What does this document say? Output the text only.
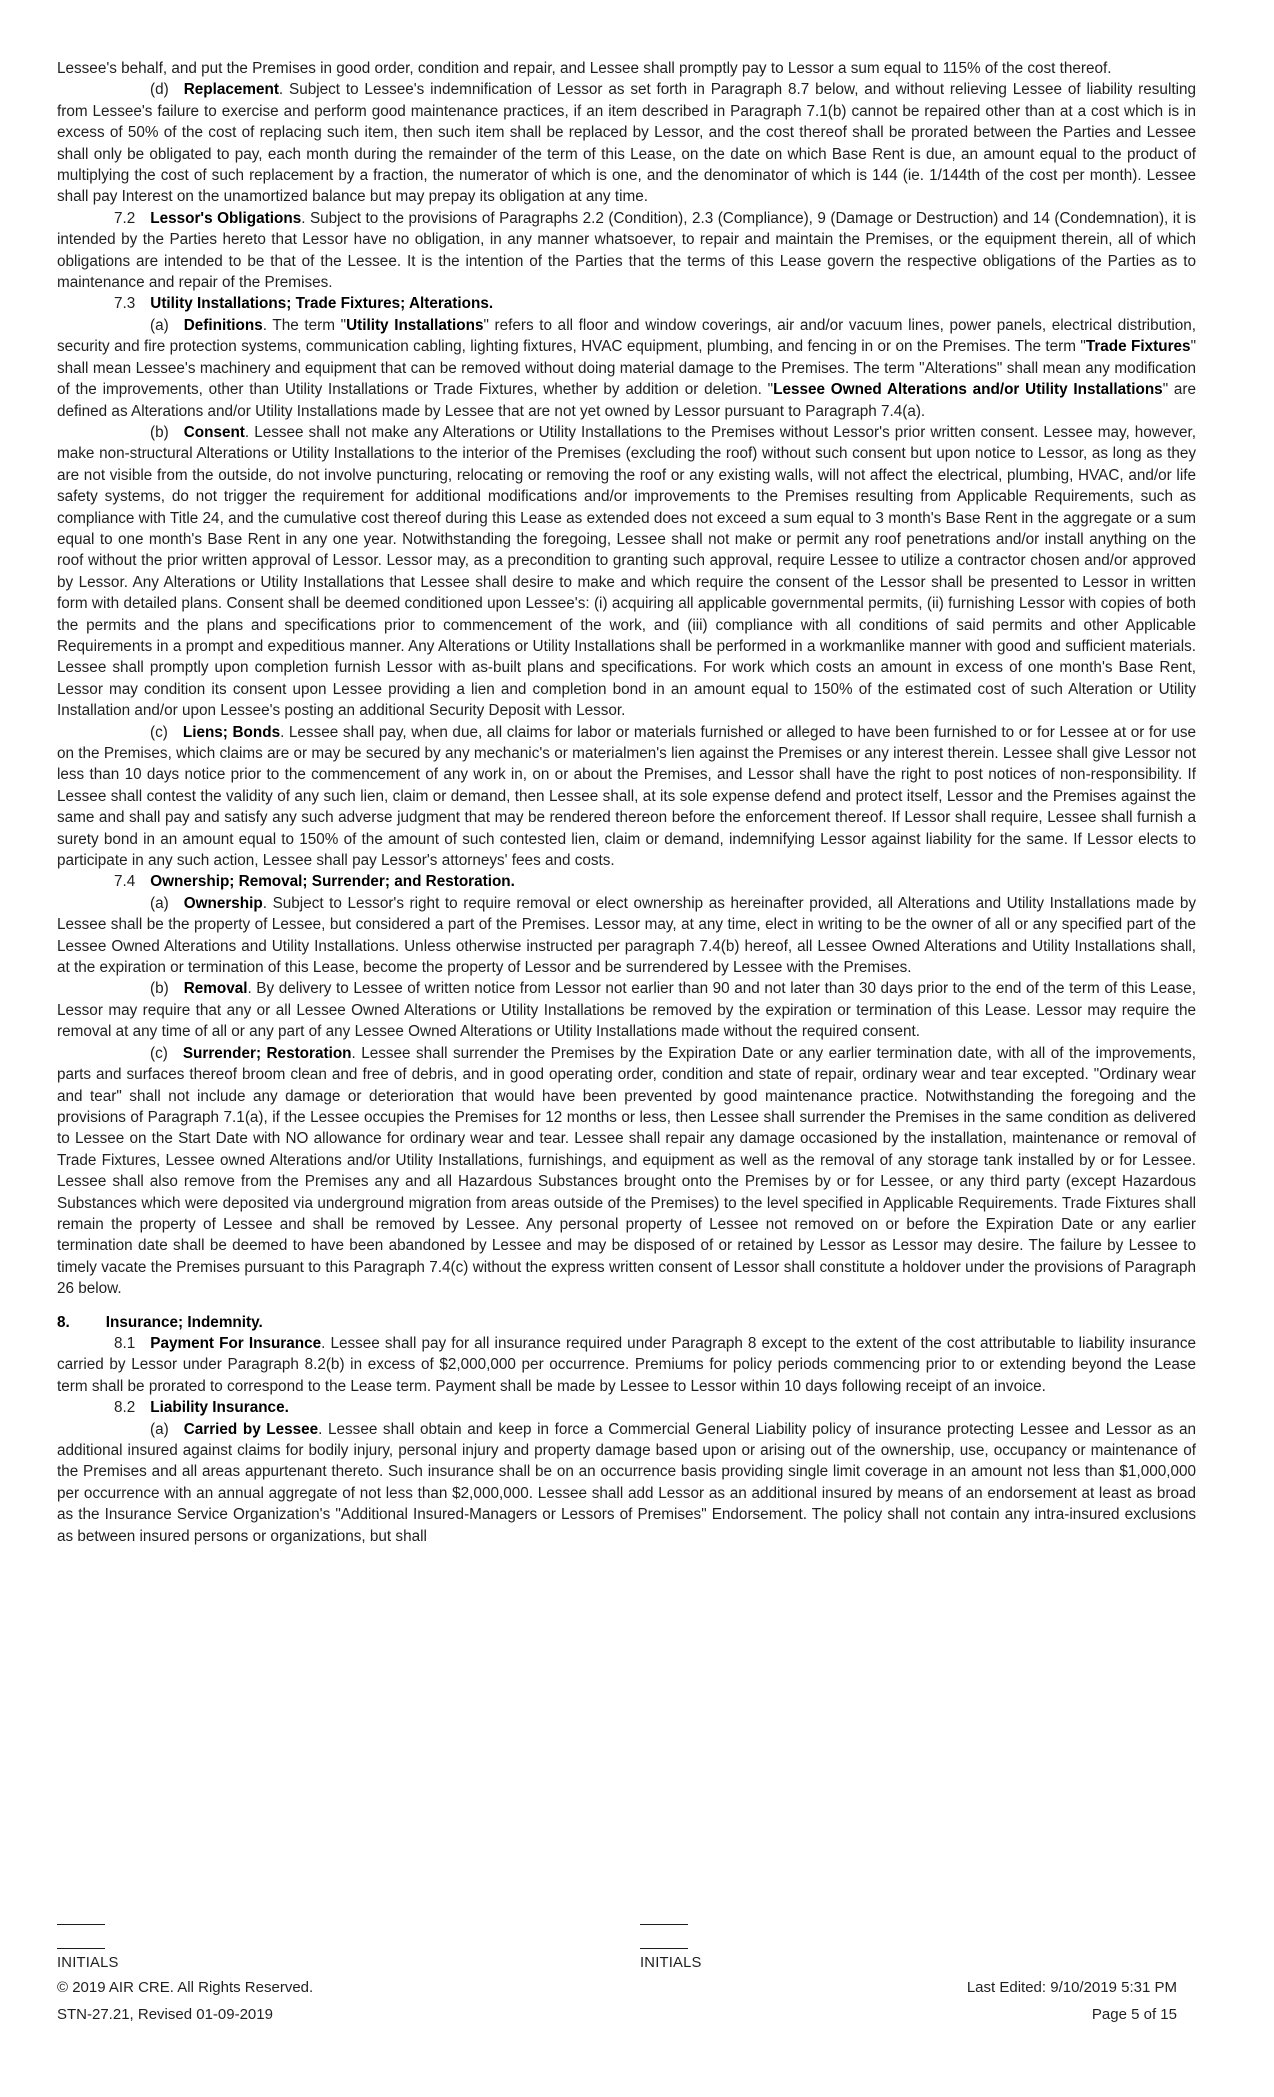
Lessee's behalf, and put the Premises in good order, condition and repair, and Lessee shall promptly pay to Lessor a sum equal to 115% of the cost thereof.

(d) Replacement. Subject to Lessee's indemnification of Lessor as set forth in Paragraph 8.7 below, and without relieving Lessee of liability resulting from Lessee's failure to exercise and perform good maintenance practices, if an item described in Paragraph 7.1(b) cannot be repaired other than at a cost which is in excess of 50% of the cost of replacing such item, then such item shall be replaced by Lessor, and the cost thereof shall be prorated between the Parties and Lessee shall only be obligated to pay, each month during the remainder of the term of this Lease, on the date on which Base Rent is due, an amount equal to the product of multiplying the cost of such replacement by a fraction, the numerator of which is one, and the denominator of which is 144 (ie. 1/144th of the cost per month). Lessee shall pay Interest on the unamortized balance but may prepay its obligation at any time.

7.2 Lessor's Obligations. Subject to the provisions of Paragraphs 2.2 (Condition), 2.3 (Compliance), 9 (Damage or Destruction) and 14 (Condemnation), it is intended by the Parties hereto that Lessor have no obligation, in any manner whatsoever, to repair and maintain the Premises, or the equipment therein, all of which obligations are intended to be that of the Lessee. It is the intention of the Parties that the terms of this Lease govern the respective obligations of the Parties as to maintenance and repair of the Premises.

7.3 Utility Installations; Trade Fixtures; Alterations.

(a) Definitions. The term "Utility Installations" refers to all floor and window coverings, air and/or vacuum lines, power panels, electrical distribution, security and fire protection systems, communication cabling, lighting fixtures, HVAC equipment, plumbing, and fencing in or on the Premises. The term "Trade Fixtures" shall mean Lessee's machinery and equipment that can be removed without doing material damage to the Premises. The term "Alterations" shall mean any modification of the improvements, other than Utility Installations or Trade Fixtures, whether by addition or deletion. "Lessee Owned Alterations and/or Utility Installations" are defined as Alterations and/or Utility Installations made by Lessee that are not yet owned by Lessor pursuant to Paragraph 7.4(a).

(b) Consent. Lessee shall not make any Alterations or Utility Installations to the Premises without Lessor's prior written consent. Lessee may, however, make non-structural Alterations or Utility Installations to the interior of the Premises (excluding the roof) without such consent but upon notice to Lessor, as long as they are not visible from the outside, do not involve puncturing, relocating or removing the roof or any existing walls, will not affect the electrical, plumbing, HVAC, and/or life safety systems, do not trigger the requirement for additional modifications and/or improvements to the Premises resulting from Applicable Requirements, such as compliance with Title 24, and the cumulative cost thereof during this Lease as extended does not exceed a sum equal to 3 month's Base Rent in the aggregate or a sum equal to one month's Base Rent in any one year. Notwithstanding the foregoing, Lessee shall not make or permit any roof penetrations and/or install anything on the roof without the prior written approval of Lessor. Lessor may, as a precondition to granting such approval, require Lessee to utilize a contractor chosen and/or approved by Lessor. Any Alterations or Utility Installations that Lessee shall desire to make and which require the consent of the Lessor shall be presented to Lessor in written form with detailed plans. Consent shall be deemed conditioned upon Lessee's: (i) acquiring all applicable governmental permits, (ii) furnishing Lessor with copies of both the permits and the plans and specifications prior to commencement of the work, and (iii) compliance with all conditions of said permits and other Applicable Requirements in a prompt and expeditious manner. Any Alterations or Utility Installations shall be performed in a workmanlike manner with good and sufficient materials. Lessee shall promptly upon completion furnish Lessor with as-built plans and specifications. For work which costs an amount in excess of one month's Base Rent, Lessor may condition its consent upon Lessee providing a lien and completion bond in an amount equal to 150% of the estimated cost of such Alteration or Utility Installation and/or upon Lessee's posting an additional Security Deposit with Lessor.

(c) Liens; Bonds. Lessee shall pay, when due, all claims for labor or materials furnished or alleged to have been furnished to or for Lessee at or for use on the Premises, which claims are or may be secured by any mechanic's or materialmen's lien against the Premises or any interest therein. Lessee shall give Lessor not less than 10 days notice prior to the commencement of any work in, on or about the Premises, and Lessor shall have the right to post notices of non-responsibility. If Lessee shall contest the validity of any such lien, claim or demand, then Lessee shall, at its sole expense defend and protect itself, Lessor and the Premises against the same and shall pay and satisfy any such adverse judgment that may be rendered thereon before the enforcement thereof. If Lessor shall require, Lessee shall furnish a surety bond in an amount equal to 150% of the amount of such contested lien, claim or demand, indemnifying Lessor against liability for the same. If Lessor elects to participate in any such action, Lessee shall pay Lessor's attorneys' fees and costs.

7.4 Ownership; Removal; Surrender; and Restoration.

(a) Ownership. Subject to Lessor's right to require removal or elect ownership as hereinafter provided, all Alterations and Utility Installations made by Lessee shall be the property of Lessee, but considered a part of the Premises. Lessor may, at any time, elect in writing to be the owner of all or any specified part of the Lessee Owned Alterations and Utility Installations. Unless otherwise instructed per paragraph 7.4(b) hereof, all Lessee Owned Alterations and Utility Installations shall, at the expiration or termination of this Lease, become the property of Lessor and be surrendered by Lessee with the Premises.

(b) Removal. By delivery to Lessee of written notice from Lessor not earlier than 90 and not later than 30 days prior to the end of the term of this Lease, Lessor may require that any or all Lessee Owned Alterations or Utility Installations be removed by the expiration or termination of this Lease. Lessor may require the removal at any time of all or any part of any Lessee Owned Alterations or Utility Installations made without the required consent.

(c) Surrender; Restoration. Lessee shall surrender the Premises by the Expiration Date or any earlier termination date, with all of the improvements, parts and surfaces thereof broom clean and free of debris, and in good operating order, condition and state of repair, ordinary wear and tear excepted. "Ordinary wear and tear" shall not include any damage or deterioration that would have been prevented by good maintenance practice. Notwithstanding the foregoing and the provisions of Paragraph 7.1(a), if the Lessee occupies the Premises for 12 months or less, then Lessee shall surrender the Premises in the same condition as delivered to Lessee on the Start Date with NO allowance for ordinary wear and tear. Lessee shall repair any damage occasioned by the installation, maintenance or removal of Trade Fixtures, Lessee owned Alterations and/or Utility Installations, furnishings, and equipment as well as the removal of any storage tank installed by or for Lessee. Lessee shall also remove from the Premises any and all Hazardous Substances brought onto the Premises by or for Lessee, or any third party (except Hazardous Substances which were deposited via underground migration from areas outside of the Premises) to the level specified in Applicable Requirements. Trade Fixtures shall remain the property of Lessee and shall be removed by Lessee. Any personal property of Lessee not removed on or before the Expiration Date or any earlier termination date shall be deemed to have been abandoned by Lessee and may be disposed of or retained by Lessor as Lessor may desire. The failure by Lessee to timely vacate the Premises pursuant to this Paragraph 7.4(c) without the express written consent of Lessor shall constitute a holdover under the provisions of Paragraph 26 below.

8. Insurance; Indemnity.

8.1 Payment For Insurance. Lessee shall pay for all insurance required under Paragraph 8 except to the extent of the cost attributable to liability insurance carried by Lessor under Paragraph 8.2(b) in excess of $2,000,000 per occurrence. Premiums for policy periods commencing prior to or extending beyond the Lease term shall be prorated to correspond to the Lease term. Payment shall be made by Lessee to Lessor within 10 days following receipt of an invoice.

8.2 Liability Insurance.

(a) Carried by Lessee. Lessee shall obtain and keep in force a Commercial General Liability policy of insurance protecting Lessee and Lessor as an additional insured against claims for bodily injury, personal injury and property damage based upon or arising out of the ownership, use, occupancy or maintenance of the Premises and all areas appurtenant thereto. Such insurance shall be on an occurrence basis providing single limit coverage in an amount not less than $1,000,000 per occurrence with an annual aggregate of not less than $2,000,000. Lessee shall add Lessor as an additional insured by means of an endorsement at least as broad as the Insurance Service Organization's "Additional Insured-Managers or Lessors of Premises" Endorsement. The policy shall not contain any intra-insured exclusions as between insured persons or organizations, but shall

INITIALS	INITIALS
© 2019 AIR CRE. All Rights Reserved.	Last Edited: 9/10/2019 5:31 PM
STN-27.21, Revised 01-09-2019	Page 5 of 15
